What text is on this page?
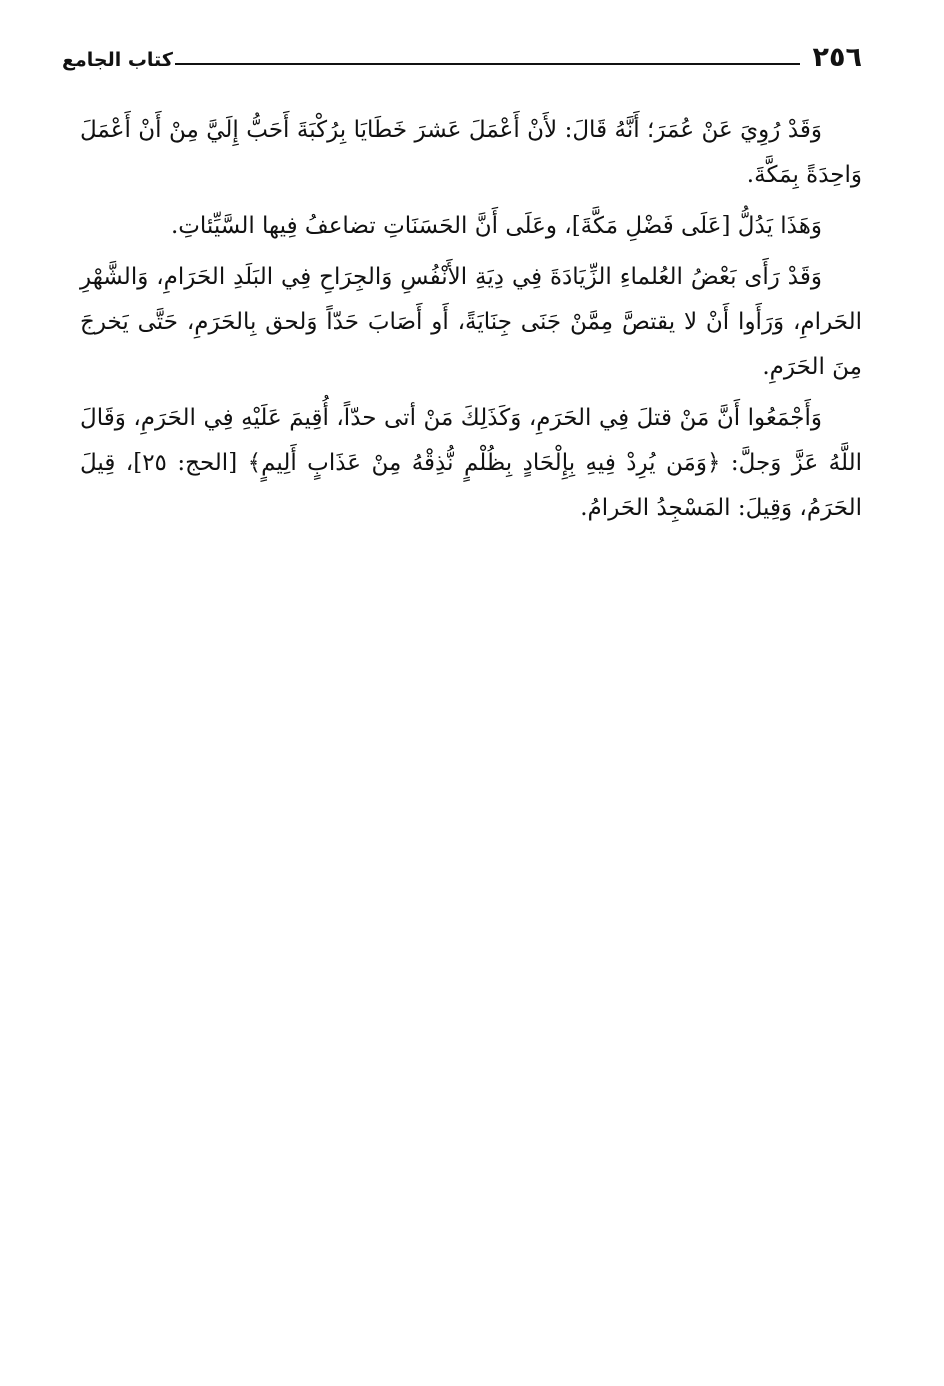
٢٥٦
كتاب الجامع

وَقَدْ رُوِيَ عَنْ عُمَرَ؛ أَنَّهُ قَالَ: لأَنْ أَعْمَلَ عَشرَ خَطَايَا بِرُكْبَةَ أَحَبُّ إِلَيَّ مِنْ أَنْ أَعْمَلَ وَاحِدَةً بِمَكَّةَ.

وَهَذَا يَدُلُّ [عَلَى فَضْلِ مَكَّةَ]، وعَلَى أَنَّ الحَسَنَاتِ تضاعفُ فِيها السَّيِّئاتِ.

وَقَدْ رَأَى بَعْضُ العُلماءِ الزِّيَادَةَ فِي دِيَةِ الأَنْفُسِ وَالجِرَاحِ فِي البَلَدِ الحَرَامِ، وَالشَّهْرِ الحَرامِ، وَرَأَوا أَنْ لا يقتصَّ مِمَّنْ جَنَى جِنَايَةً، أَو أَصَابَ حَدّاً وَلحق بِالحَرَمِ، حَتَّى يَخرجَ مِنَ الحَرَمِ.

وَأَجْمَعُوا أَنَّ مَنْ قتلَ فِي الحَرَمِ، وَكَذَلِكَ مَنْ أتى حدّاً، أُقِيمَ عَلَيْهِ فِي الحَرَمِ، وَقَالَ اللَّهُ عَزَّ وَجلَّ: ﴿وَمَن يُرِدْ فِيهِ بِإِلْحَادٍ بِظُلْمٍ نُّذِقْهُ مِنْ عَذَابٍ أَلِيمٍ﴾ [الحج: ٢٥]، قِيلَ الحَرَمُ، وَقِيلَ: المَسْجِدُ الحَرامُ.
